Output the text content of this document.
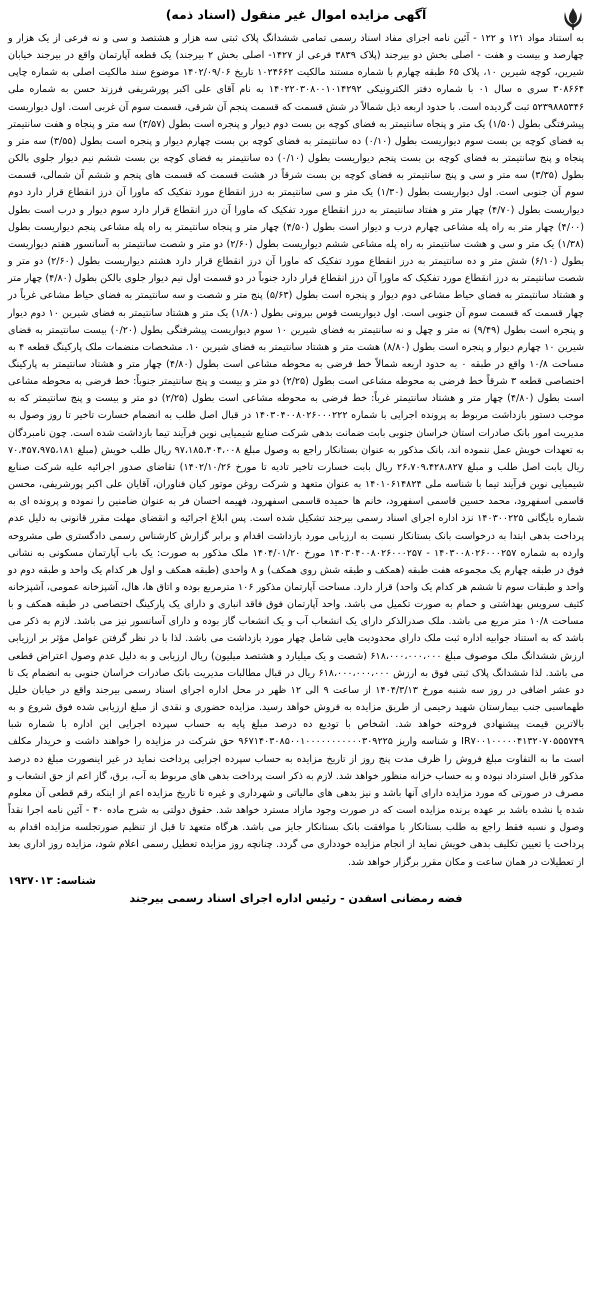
آگهی مزایده اموال غیر منقول (اسناد ذمه)

به استناد مواد ۱۲۱ و ۱۲۲ - آئین نامه اجرای مفاد اسناد رسمی تمامی ششدانگ پلاک ثبتی سه هزار و هشتصد و سی و نه فرعی از یک هزار و چهارصد و بیست و هفت - اصلی بخش دو بیرجند (پلاک ۳۸۳۹ فرعی از ۱۴۲۷- اصلی بخش ۲ بیرجند) یک قطعه آپارتمان واقع در بیرجند خیابان شیرین، کوچه شیرین ۱۰، پلاک ۶۵ طبقه چهارم با شماره مستند مالکیت ۱۰۲۴۶۶۲ تاریخ ۱۴۰۲/۰۹/۰۶ موضوع سند مالکیت اصلی به شماره چاپی ۳۰۸۶۶۴ سری ه سال ۰۱ با شماره دفتر الکترونیکی ۱۴۰۲۲۰۳۰۸۰۰۱۰۱۴۲۹۲ به نام آقای علی اکبر پورشریفی فرزند حسن به شماره ملی ۵۲۳۹۸۸۵۳۴۶ ثبت گردیده است. با حدود اربعه ذیل شمالاً در شش قسمت که قسمت پنجم آن شرقی، قسمت سوم آن غربی است. اول دیواریست پیشرفتگی بطول (۱/۵۰) یک متر و پنجاه سانتیمتر به فضای کوچه بن بست دوم دیوار و پنجره است بطول (۳/۵۷) سه متر و پنجاه و هفت سانتیمتر به فضای کوچه بن بست سوم دیواریست بطول (۰/۱۰) ده سانتیمتر به فضای کوچه بن بست چهارم دیوار و پنجره است بطول (۳/۵۵) سه متر و پنجاه و پنج سانتیمتر به فضای کوچه بن بست پنجم دیواریست بطول (۰/۱۰) ده سانتیمتر به فضای کوچه بن بست ششم نیم دیوار جلوی بالکن بطول (۳/۳۵) سه متر و سی و پنج سانتیمتر به فضای کوچه بن بست شرقاً در هشت قسمت که قسمت های پنجم و ششم آن شمالی، قسمت سوم آن جنوبی است. اول دیواریست بطول (۱/۳۰) یک متر و سی سانتیمتر به درز انقطاع مورد تفکیک که ماورا آن درز انقطاع قرار دارد دوم دیواریست بطول (۴/۷۰) چهار متر و هفتاد سانتیمتر به درز انقطاع مورد تفکیک که ماورا آن درز انقطاع قرار دارد سوم دیوار و درب است بطول (۴/۰۰) چهار متر به راه پله مشاعی چهارم درب و دیوار است بطول (۴/۵۰) چهار متر و پنجاه سانتیمتر به راه پله مشاعی پنجم دیواریست بطول (۱/۳۸) یک متر و سی و هشت سانتیمتر به راه پله مشاعی ششم دیواریست بطول (۲/۶۰) دو متر و شصت سانتیمتر به آسانسور هفتم دیواریست بطول (۶/۱۰) شش متر و ده سانتیمتر به درز انقطاع مورد تفکیک که ماورا آن درز انقطاع قرار دارد هشتم دیواریست بطول (۲/۶۰) دو متر و شصت سانتیمتر به درز انقطاع مورد تفکیک که ماورا آن درز انقطاع قرار دارد جنوباً در دو قسمت اول نیم دیوار جلوی بالکن بطول (۴/۸۰) چهار متر و هشتاد سانتیمتر به فضای حیاط مشاعی دوم دیوار و پنجره است بطول (۵/۶۳) پنج متر و شصت و سه سانتیمتر به فضای حیاط مشاعی غرباً در چهار قسمت که قسمت سوم آن جنوبی است. اول دیواریست قوس بیرونی بطول (۱/۸۰) یک متر و هشتاد سانتیمتر به فضای شیرین ۱۰ دوم دیوار و پنجره است بطول (۹/۴۹) نه متر و چهل و نه سانتیمتر به فضای شیرین ۱۰ سوم دیواریست پیشرفتگی بطول (۰/۲۰) بیست سانتیمتر به فضای شیرین ۱۰ چهارم دیوار و پنجره است بطول (۸/۸۰) هشت متر و هشتاد سانتیمتر به فضای شیرین ۱۰. مشخصات منضمات ملک پارکینگ قطعه ۴ به مساحت ۱۰/۸ واقع در طبقه ۰ به حدود اربعه شمالاً خط فرضی به محوطه مشاعی است بطول (۴/۸۰) چهار متر و هشتاد سانتیمتر به پارکینگ اختصاصی قطعه ۳ شرقاً خط فرضی به محوطه مشاعی است بطول (۲/۲۵) دو متر و بیست و پنج سانتیمتر جنوباً: خط فرضی به محوطه مشاعی است بطول (۴/۸۰) چهار متر و هشتاد سانتیمتر غرباً: خط فرضی به محوطه مشاعی است بطول (۲/۲۵) دو متر و بیست و پنج سانتیمتر که به موجب دستور بازداشت مربوط به پرونده اجرایی با شماره ۱۴۰۳۰۴۰۰۸۰۲۶۰۰۰۲۲۲ در قبال اصل طلب به انضمام خسارت تاخیر تا روز وصول به مدیریت امور بانک صادرات استان خراسان جنوبی بابت ضمانت بدهی شرکت صنایع شیمیایی نوین فرآیند تیما بازداشت شده است. چون نامبردگان به تعهدات خویش عمل ننموده اند، بانک مذکور به عنوان بستانکار راجع به وصول مبلغ ۹۷،۱۸۵،۴۰۴،۰۰۸ ریال طلب خویش (مبلغ ۷۰،۴۵۷،۹۷۵،۱۸۱ ریال بابت اصل طلب و مبلغ ۲۶،۷۰۹،۴۲۸،۸۲۷ ریال بابت خسارت تاخیر تادیه تا مورخ ۱۴۰۲/۱۰/۲۶) تقاضای صدور اجرائیه علیه شرکت صنایع شیمیایی نوین فرآیند تیما با شناسه ملی ۱۴۰۱۰۶۱۴۸۲۴ به عنوان متعهد و شرکت روغن موتور کیان فناوران، آقایان علی اکبر پورشریفی، محسن قاسمی اسفهرود، محمد حسین قاسمی اسفهرود، خانم ها حمیده قاسمی اسفهرود، فهیمه احسان فر به عنوان ضامنین را نموده و پرونده ای به شماره بایگانی ۱۴۰۳۰۰۲۲۵ نزد اداره اجرای اسناد رسمی بیرجند تشکیل شده است. پس ابلاغ اجرائیه و انقضای مهلت مقرر قانونی به دلیل عدم پرداخت بدهی ابتدا به درخواست بانک بستانکار نسبت به ارزیابی مورد بازداشت اقدام و برابر گزارش کارشناس رسمی دادگستری طی مشروحه وارده به شماره ۱۴۰۳۰۰۸۰۲۶۰۰۰۲۵۷ - ۱۴۰۳۰۴۰۰۸۰۲۶۰۰۰۲۵۷ مورخ ۱۴۰۴/۰۱/۲۰ ملک مذکور به صورت: یک باب آپارتمان مسکونی به نشانی فوق در طبقه چهارم یک مجموعه هفت طبقه (همکف و طبقه شش روی همکف) و ۸ واحدی (طبقه همکف و اول هر کدام یک واحد و طبقه دوم دو واحد و طبقات سوم تا ششم هر کدام یک واحد) قرار دارد. مساحت آپارتمان مذکور ۱۰۶ مترمربع بوده و اتاق ها، هال، آشپزخانه عمومی، آشپزخانه کثیف سرویس بهداشتی و حمام به صورت تکمیل می باشد. واحد آپارتمان فوق فاقد انباری و دارای یک پارکینگ اختصاصی در طبقه همکف و با مساحت ۱۰/۸ متر مربع می باشد. ملک صدرالذکر دارای یک انشعاب آب و یک انشعاب گاز بوده و دارای آسانسور نیز می باشد. لازم به ذکر می باشد که به استناد جوابیه اداره ثبت ملک دارای محدودیت هایی شامل چهار مورد بازداشت می باشد. لذا با در نظر گرفتن عوامل مؤثر بر ارزیابی ارزش ششدانگ ملک موصوف مبلغ ۶۱۸،۰۰۰،۰۰۰،۰۰۰ (شصت و یک میلیارد و هشتصد میلیون) ریال ارزیابی و به دلیل عدم وصول اعتراض قطعی می باشد. لذا ششدانگ پلاک ثبتی فوق به ارزش ۶۱۸،۰۰۰،۰۰۰،۰۰۰ ریال در قبال مطالبات مدیریت بانک صادرات خراسان جنوبی به انضمام یک تا دو عشر اضافی در روز سه شنبه مورخ ۱۴۰۴/۳/۱۳ از ساعت ۹ الی ۱۲ ظهر در محل اداره اجرای اسناد رسمی بیرجند واقع در خیابان خلیل طهماسبی جنب بیمارستان شهید رحیمی از طریق مزایده به فروش خواهد رسید. مزایده حضوری و نقدی از مبلغ ارزیابی شده فوق شروع و به بالاترین قیمت پیشنهادی فروخته خواهد شد. اشخاص با تودیع ده درصد مبلغ پایه به حساب سپرده اجرایی این اداره با شماره شبا IR۷۰۰۱۰۰۰۰۰۴۱۳۲۰۷۰۵۵۵۷۴۹ و شناسه واریز ۹۶۷۱۴۰۳۰۸۵۰۰۱۰۰۰۰۰۰۰۰۰۰۰۳۰۹۲۲۵ حق شرکت در مزایده را خواهند داشت و خریدار مکلف است ما به التفاوت مبلغ فروش را ظرف مدت پنج روز از تاریخ مزایده به حساب سپرده اجرایی پرداخت نماید در غیر اینصورت مبلغ ده درصد مذکور قابل استرداد نبوده و به حساب خزانه منظور خواهد شد. لازم به ذکر است پرداخت بدهی های مربوط به آب، برق، گاز اعم از حق انشعاب و مصرف در صورتی که مورد مزایده دارای آنها باشد و نیز بدهی های مالیاتی و شهرداری و غیره تا تاریخ مزایده اعم از اینکه رقم قطعی آن معلوم شده یا نشده باشد بر عهده برنده مزایده است که در صورت وجود مازاد مسترد خواهد شد. حقوق دولتی به شرح ماده ۴۰ - آئین نامه اجرا نقداً وصول و نسبه فقط راجع به طلب بستانکار با موافقت بانک بستانکار جایز می باشد. هرگاه متعهد تا قبل از تنظیم صورتجلسه مزایده اقدام به پرداخت یا تعیین تکلیف بدهی خویش نماید از انجام مزایده خودداری می گردد. چنانچه روز مزایده تعطیل رسمی اعلام شود، مزایده روز اداری بعد از تعطیلات در همان ساعت و مکان مقرر برگزار خواهد شد.

شناسه: ۱۹۳۷۰۱۳
فضه رمضانی اسفدن - رئیس اداره اجرای اسناد رسمی بیرجند
